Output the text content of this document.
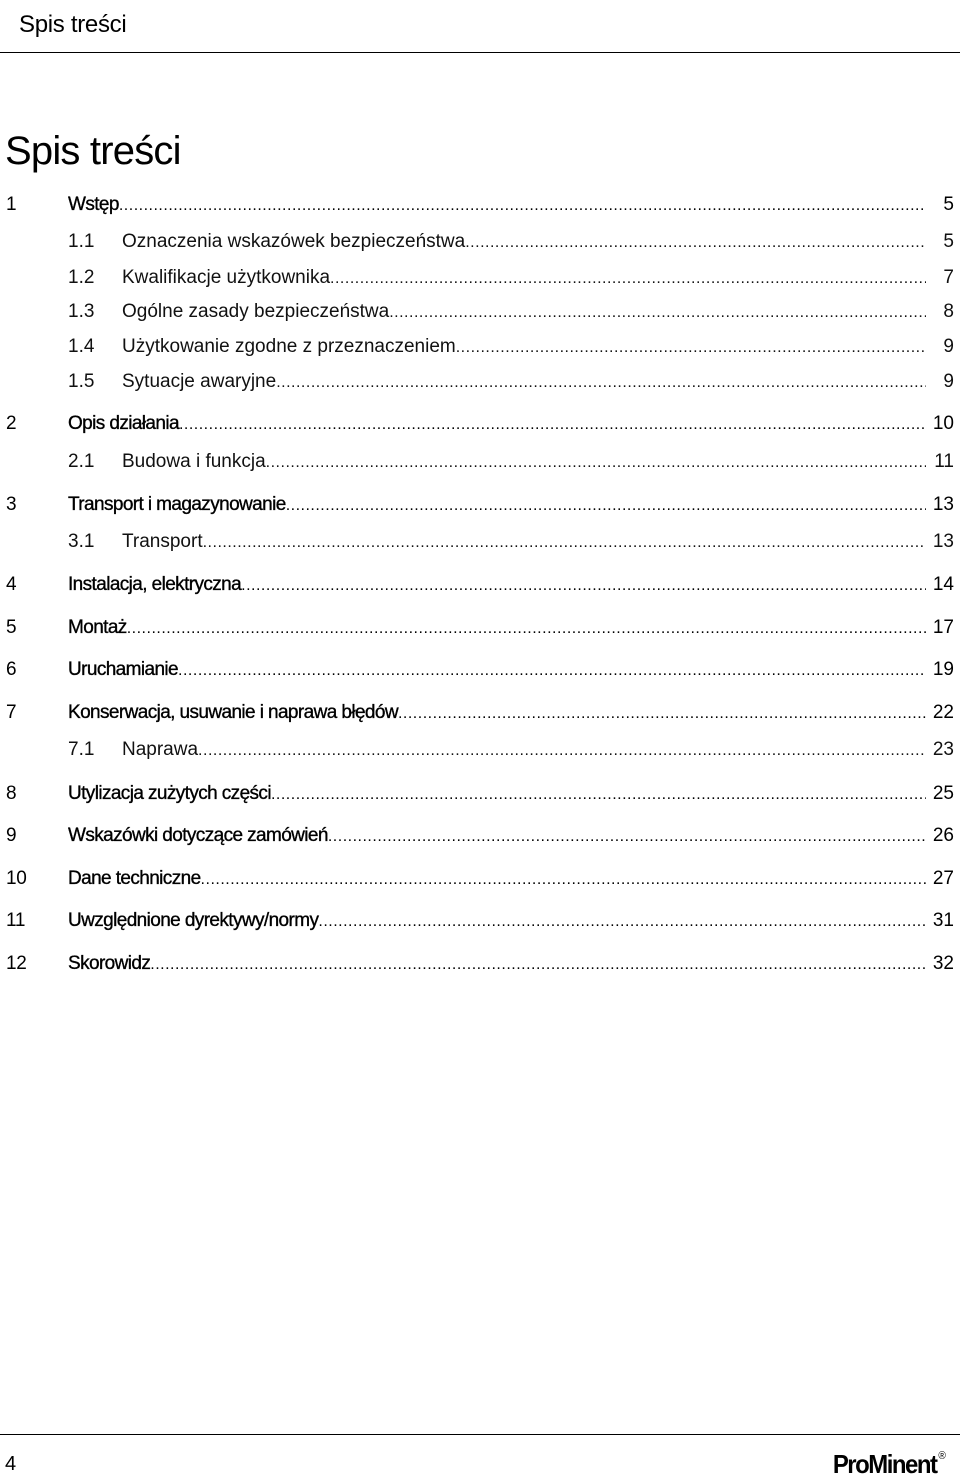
Spis treści
Spis treści
1	Wstęp .....	5
1.1 Oznaczenia wskazówek bezpieczeństwa .....	5
1.2 Kwalifikacje użytkownika .....	7
1.3 Ogólne zasady bezpieczeństwa .....	8
1.4 Użytkowanie zgodne z przeznaczeniem .....	9
1.5 Sytuacje awaryjne .....	9
2	Opis działania .....	10
2.1 Budowa i funkcja .....	11
3	Transport i magazynowanie .....	13
3.1 Transport .....	13
4	Instalacja, elektryczna .....	14
5	Montaż .....	17
6	Uruchamianie .....	19
7	Konserwacja, usuwanie i naprawa błędów .....	22
7.1 Naprawa .....	23
8	Utylizacja zużytych części .....	25
9	Wskazówki dotyczące zamówień .....	26
10 Dane techniczne .....	27
11 Uwzględnione dyrektywy/normy .....	31
12 Skorowidz .....	32
4	ProMinent ®
